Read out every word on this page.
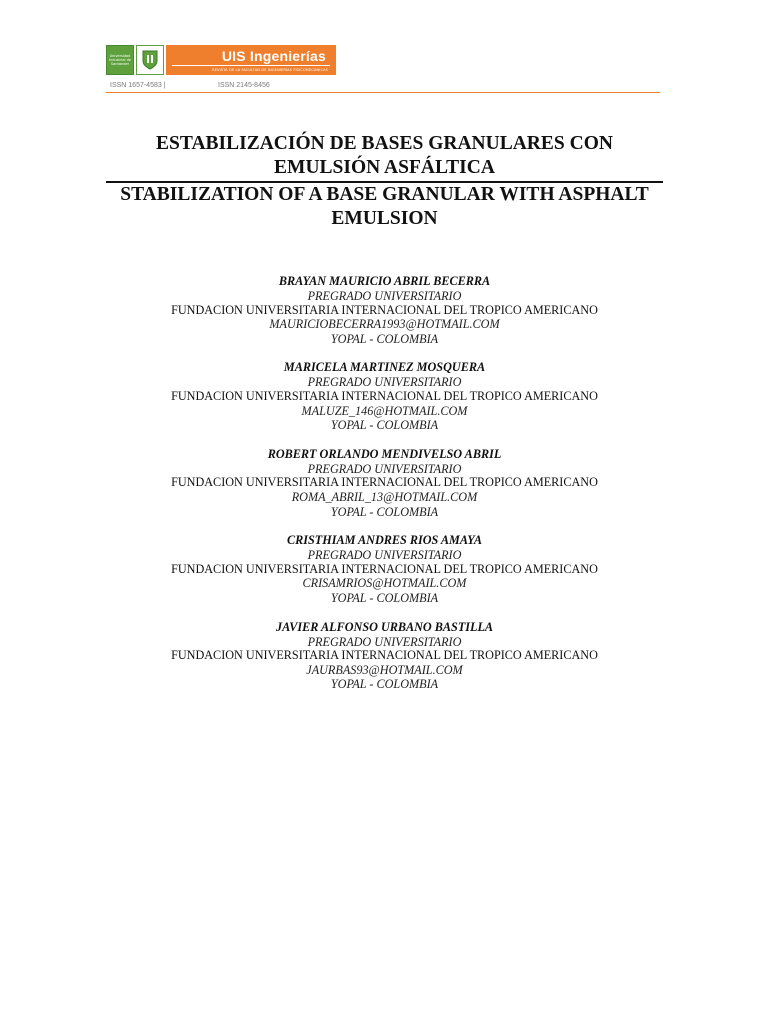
Universidad Industrial de Santander
UIS Ingenierías
REVISTA DE LA FACULTAD DE INGENIERÍAS FISICOMECÁNICAS
ISSN 1657-4583 |	ISSN 2145-8456
ESTABILIZACIÓN DE BASES GRANULARES CON EMULSIÓN ASFÁLTICA
STABILIZATION OF A BASE GRANULAR WITH ASPHALT EMULSION
BRAYAN MAURICIO ABRIL BECERRA
PREGRADO UNIVERSITARIO
FUNDACION UNIVERSITARIA INTERNACIONAL DEL TROPICO AMERICANO
MAURICIOBECERRA1993@HOTMAIL.COM
YOPAL - COLOMBIA
MARICELA MARTINEZ MOSQUERA
PREGRADO UNIVERSITARIO
FUNDACION UNIVERSITARIA INTERNACIONAL DEL TROPICO AMERICANO
MALUZE_146@HOTMAIL.COM
YOPAL - COLOMBIA
ROBERT ORLANDO MENDIVELSO ABRIL
PREGRADO UNIVERSITARIO
FUNDACION UNIVERSITARIA INTERNACIONAL DEL TROPICO AMERICANO
ROMA_ABRIL_13@HOTMAIL.COM
YOPAL - COLOMBIA
CRISTHIAM ANDRES RIOS AMAYA
PREGRADO UNIVERSITARIO
FUNDACION UNIVERSITARIA INTERNACIONAL DEL TROPICO AMERICANO
CRISAMRIOS@HOTMAIL.COM
YOPAL - COLOMBIA
JAVIER ALFONSO URBANO BASTILLA
PREGRADO UNIVERSITARIO
FUNDACION UNIVERSITARIA INTERNACIONAL DEL TROPICO AMERICANO
JAURBAS93@HOTMAIL.COM
YOPAL - COLOMBIA
